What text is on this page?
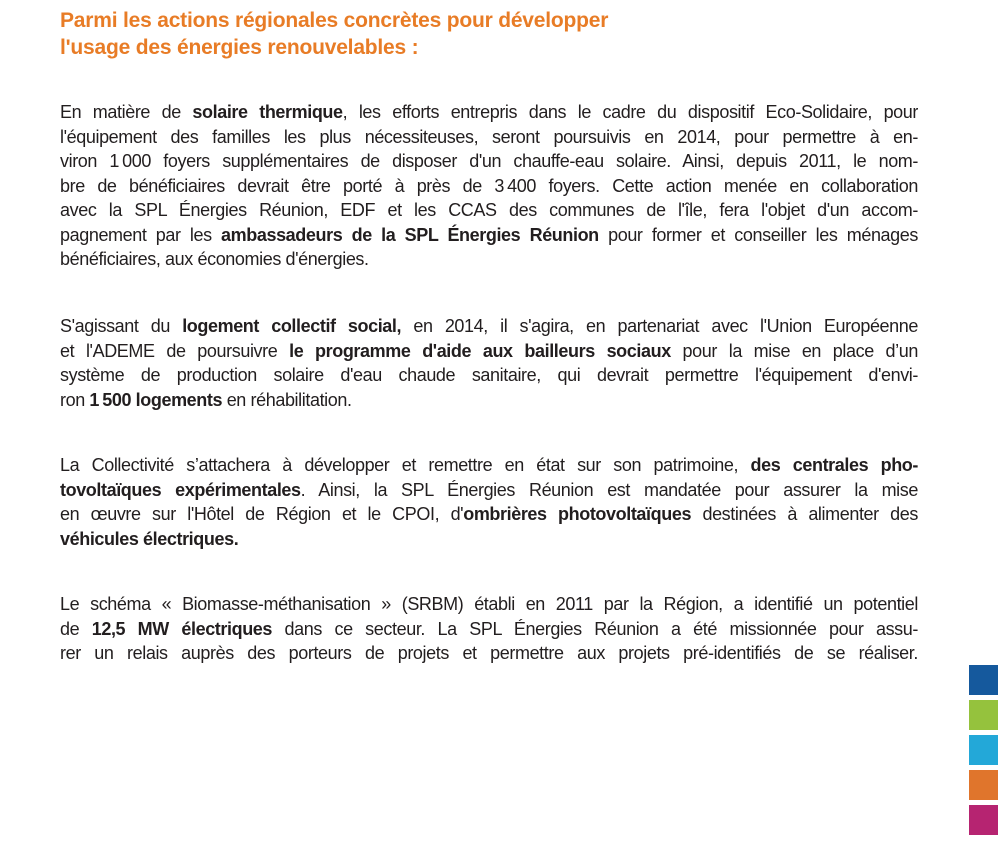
Parmi les actions régionales concrètes pour développer
l'usage des énergies renouvelables :
En matière de solaire thermique, les efforts entrepris dans le cadre du dispositif Eco-Solidaire, pour
l'équipement des familles les plus nécessiteuses, seront poursuivis en 2014, pour permettre à en-
viron 1 000 foyers supplémentaires de disposer d'un chauffe-eau solaire. Ainsi, depuis 2011, le nom-
bre de bénéficiaires devrait être porté à près de 3 400 foyers. Cette action menée en collaboration
avec la SPL Énergies Réunion, EDF et les CCAS des communes de l'île, fera l'objet d'un accom-
pagnement par les ambassadeurs de la SPL Énergies Réunion pour former et conseiller les ménages
bénéficiaires, aux économies d'énergies.
S'agissant du logement collectif social, en 2014, il s'agira, en partenariat avec l'Union Européenne
et l'ADEME de poursuivre le programme d'aide aux bailleurs sociaux pour la mise en place d’un
système de production solaire d'eau chaude sanitaire, qui devrait permettre l'équipement d'envi-
ron 1 500 logements en réhabilitation.
La Collectivité s’attachera à développer et remettre en état sur son patrimoine, des centrales pho-
tovoltaïques expérimentales. Ainsi, la SPL Énergies Réunion est mandatée pour assurer la mise
en œuvre sur l'Hôtel de Région et le CPOI, d'ombrières photovoltaïques destinées à alimenter des
véhicules électriques.
Le schéma « Biomasse-méthanisation » (SRBM) établi en 2011 par la Région, a identifié un potentiel
de 12,5 MW électriques dans ce secteur. La SPL Énergies Réunion a été missionnée pour assu-
rer un relais auprès des porteurs de projets et permettre aux projets pré-identifiés de se réaliser.
